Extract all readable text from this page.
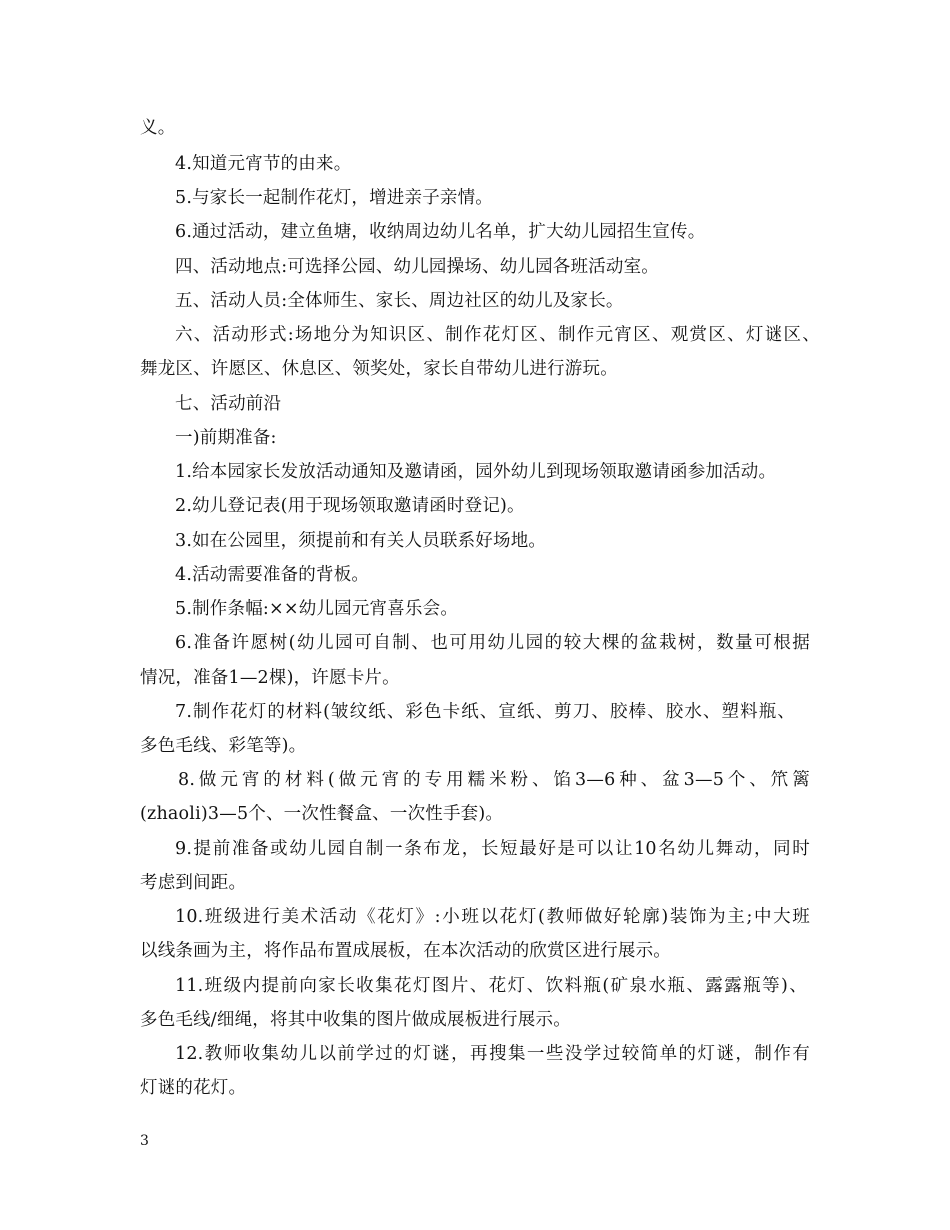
义。
4.知道元宵节的由来。
5.与家长一起制作花灯，增进亲子亲情。
6.通过活动，建立鱼塘，收纳周边幼儿名单，扩大幼儿园招生宣传。
四、活动地点:可选择公园、幼儿园操场、幼儿园各班活动室。
五、活动人员:全体师生、家长、周边社区的幼儿及家长。
六、活动形式:场地分为知识区、制作花灯区、制作元宵区、观赏区、灯谜区、
舞龙区、许愿区、休息区、领奖处，家长自带幼儿进行游玩。
七、活动前沿
一)前期准备:
1.给本园家长发放活动通知及邀请函，园外幼儿到现场领取邀请函参加活动。
2.幼儿登记表(用于现场领取邀请函时登记)。
3.如在公园里，须提前和有关人员联系好场地。
4.活动需要准备的背板。
5.制作条幅:××幼儿园元宵喜乐会。
6.准备许愿树(幼儿园可自制、也可用幼儿园的较大棵的盆栽树，数量可根据
情况，准备1—2棵)，许愿卡片。
7.制作花灯的材料(皱纹纸、彩色卡纸、宣纸、剪刀、胶棒、胶水、塑料瓶、
多色毛线、彩笔等)。
8.做元宵的材料(做元宵的专用糯米粉、馅3—6种、盆3—5个、笊篱
(zhaoli)3—5个、一次性餐盒、一次性手套)。
9.提前准备或幼儿园自制一条布龙，长短最好是可以让10名幼儿舞动，同时
考虑到间距。
10.班级进行美术活动《花灯》:小班以花灯(教师做好轮廓)装饰为主;中大班
以线条画为主，将作品布置成展板，在本次活动的欣赏区进行展示。
11.班级内提前向家长收集花灯图片、花灯、饮料瓶(矿泉水瓶、露露瓶等)、
多色毛线/细绳，将其中收集的图片做成展板进行展示。
12.教师收集幼儿以前学过的灯谜，再搜集一些没学过较简单的灯谜，制作有
灯谜的花灯。
3
